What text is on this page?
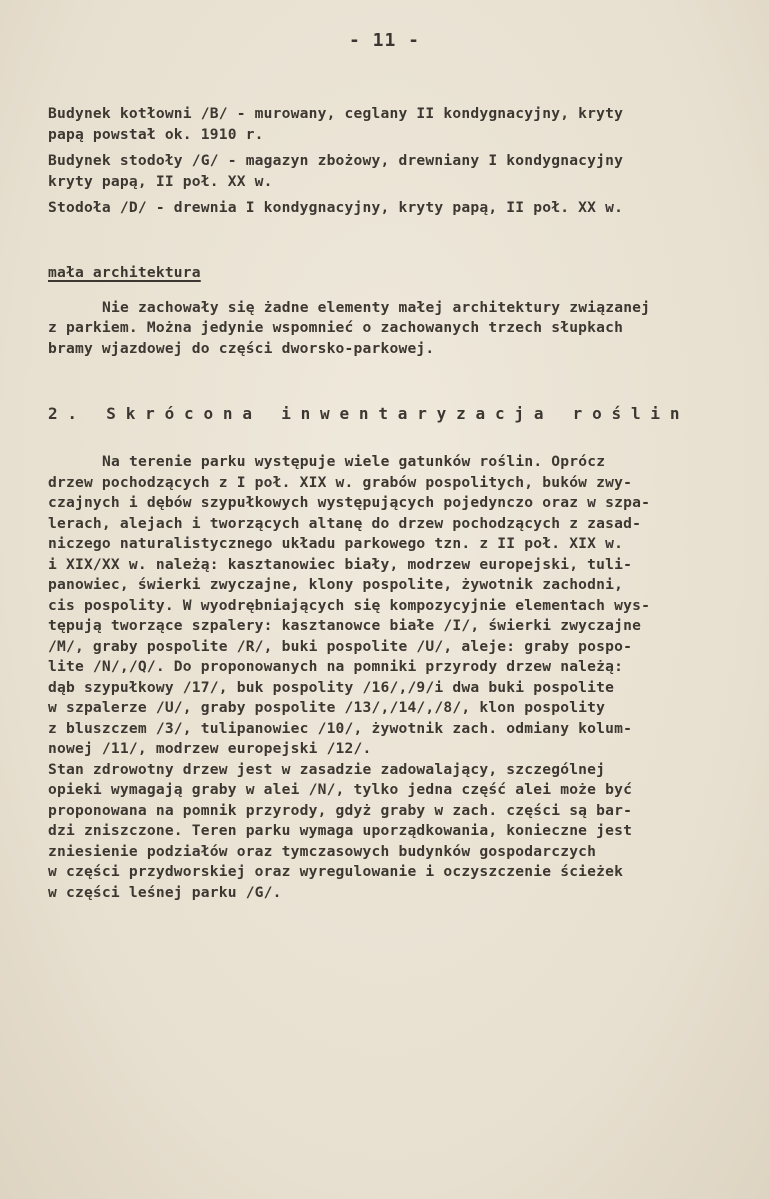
- 11 -
Budynek kotłowni /B/ - murowany, ceglany II kondygnacyjny, kryty
papą powstał ok. 1910 r.
Budynek stodoły /G/ - magazyn zbożowy, drewniany I kondygnacyjny
kryty papą, II poł. XX w.
Stodoła /D/ - drewnia I kondygnacyjny, kryty papą, II poł. XX w.
mała architektura
Nie zachowały się żadne elementy małej architektury związanej
z parkiem. Można jedynie wspomnieć o zachowanych trzech słupkach
bramy wjazdowej do części dworsko-parkowej.
2. Skrócona inwentaryzacja roślin
Na terenie parku występuje wiele gatunków roślin. Oprócz
drzew pochodzących z I poł. XIX w. grabów pospolitych, buków zwy-
czajnych i dębów szypułkowych występujących pojedynczo oraz w szpa-
lerach, alejach i tworzących altanę do drzew pochodzących z zasad-
niczego naturalistycznego układu parkowego tzn. z II poł. XIX w.
i XIX/XX w. należą: kasztanowiec biały, modrzew europejski, tuli-
panowiec, świerki zwyczajne, klony pospolite, żywotnik zachodni,
cis pospolity. W wyodrębniających się kompozycyjnie elementach wys-
tępują tworzące szpalery: kasztanowce białe /I/, świerki zwyczajne
/M/, graby pospolite /R/, buki pospolite /U/, aleje: graby pospo-
lite /N/,/Q/. Do proponowanych na pomniki przyrody drzew należą:
dąb szypułkowy /17/, buk pospolity /16/,/9/i dwa buki pospolite
w szpalerze /U/, graby pospolite /13/,/14/,/8/, klon pospolity
z bluszczem /3/, tulipanowiec /10/, żywotnik zach. odmiany kolum-
nowej /11/, modrzew europejski /12/.
Stan zdrowotny drzew jest w zasadzie zadowalający, szczególnej
opieki wymagają graby w alei /N/, tylko jedna część alei może być
proponowana na pomnik przyrody, gdyż graby w zach. części są bar-
dzi zniszczone. Teren parku wymaga uporządkowania, konieczne jest
zniesienie podziałów oraz tymczasowych budynków gospodarczych
w części przydworskiej oraz wyregulowanie i oczyszczenie ścieżek
w części leśnej parku /G/.
